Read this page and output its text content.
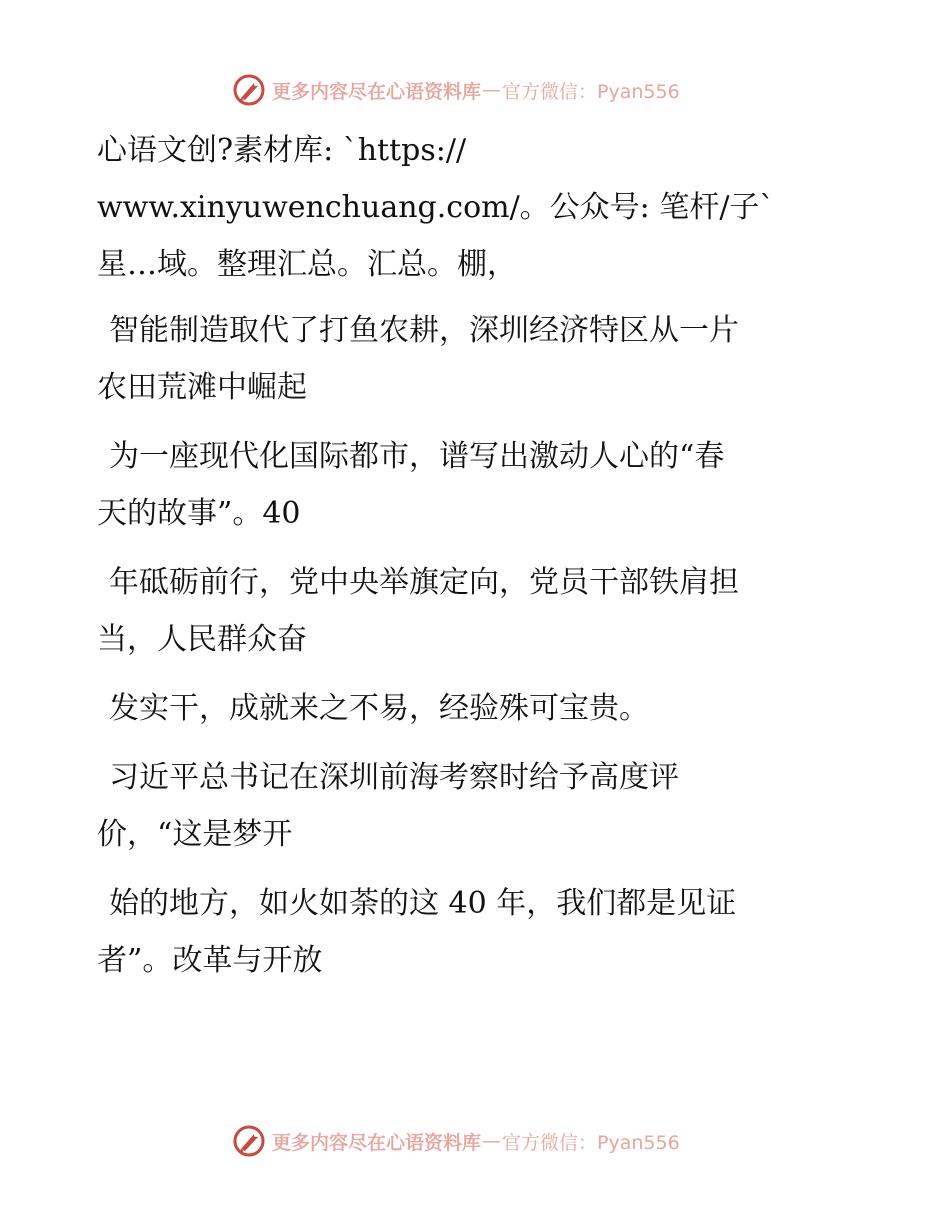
更多内容尽在心语资料库 — 官方微信：Pyan556

心语文创?素材库: `https://
www.xinyuwenchuang.com/。公众号: 笔杆/子`
星…域。整理汇总。汇总。棚，

智能制造取代了打鱼农耕，深圳经济特区从一片
农田荒滩中崛起

为一座现代化国际都市，谱写出激动人心的“春
天的故事”。40

年砥砺前行，党中央举旗定向，党员干部铁肩担
当，人民群众奋

发实干，成就来之不易，经验殊可宝贵。

习近平总书记在深圳前海考察时给予高度评
价，“这是梦开

始的地方，如火如荼的这 40 年，我们都是见证
者”。改革与开放

更多内容尽在心语资料库 — 官方微信：Pyan556
